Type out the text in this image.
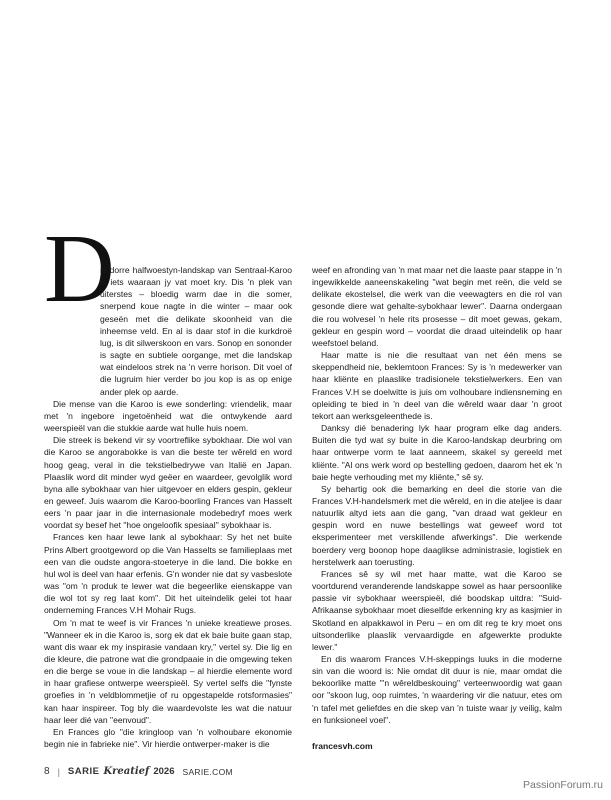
D

ie dorre halfwoestyn-landskap van Sentraal-Karoo is iets waaraan jy vat moet kry. Dis 'n plek van uiterstes – bloedig warm dae in die somer, snerpend koue nagte in die winter – maar ook geseën met die delikate skoonheid van die inheemse veld. En al is daar stof in die kurkdroë lug, is dit silwerskoon en vars. Sonop en sononder is sagte en subtiele oorgange, met die landskap wat eindeloos strek na 'n verre horison. Dit voel of die lugruim hier verder bo jou kop is as op enige ander plek op aarde.

Die mense van die Karoo is ewe sonderling: vriendelik, maar met 'n ingebore ingetoënheid wat die ontwykende aard weerspieël van die stukkie aarde wat hulle huis noem.

Die streek is bekend vir sy voortreflike sybokhaar. Die wol van die Karoo se angorabokke is van die beste ter wêreld en word hoog geag, veral in die tekstielbedrywe van Italië en Japan. Plaaslik word dit minder wyd geëer en waardeer, gevolglik word byna alle sybokhaar van hier uitgevoer en elders gespin, gekleur en geweef. Juis waarom die Karoo-boorling Frances van Hasselt eers 'n paar jaar in die internasionale modebedryf moes werk voordat sy besef het "hoe ongeloofik spesiaal" sybokhaar is.

Frances ken haar lewe lank al sybokhaar: Sy het net buite Prins Albert grootgeword op die Van Hasselts se familieplaas met een van die oudste angora-stoeterye in die land. Die bokke en hul wol is deel van haar erfenis. G'n wonder nie dat sy vasbeslote was "om 'n produk te lewer wat die begeerlike eienskappe van die wol tot sy reg laat kom". Dit het uiteindelik gelei tot haar onderneming Frances V.H Mohair Rugs.

Om 'n mat te weef is vir Frances 'n unieke kreatiewe proses. "Wanneer ek in die Karoo is, sorg ek dat ek baie buite gaan stap, want dis waar ek my inspirasie vandaan kry," vertel sy. Die lig en die kleure, die patrone wat die grondpaaie in die omgewing teken en die berge se voue in die landskap – al hierdie elemente word in haar grafiese ontwerpe weerspieël. Sy vertel selfs die "fynste groefies in 'n veldblommetjie of ru opgestapelde rotsformasies" kan haar inspireer. Tog bly die waardevolste les wat die natuur haar leer dié van "eenvoud".

En Frances glo "die kringloop van 'n volhoubare ekonomie begin nie in fabrieke nie". Vir hierdie ontwerper-maker is die

weef en afronding van 'n mat maar net die laaste paar stappe in 'n ingewikkelde aaneenskakeling "wat begin met reën, die veld se delikate ekostelsel, die werk van die veewagters en die rol van gesonde diere wat gehalte-sybokhaar lewer". Daarna ondergaan die rou wolvesel 'n hele rits prosesse – dit moet gewas, gekam, gekleur en gespin word – voordat die draad uiteindelik op haar weefstoel beland.

Haar matte is nie die resultaat van net één mens se skeppendheid nie, beklemtoon Frances: Sy is 'n medewerker van haar kliënte en plaaslike tradisionele tekstielwerkers. Een van Frances V.H se doelwitte is juis om volhoubare indiensneming en opleiding te bied in 'n deel van die wêreld waar daar 'n groot tekort aan werksgeleenthede is.

Danksy dié benadering lyk haar program elke dag anders. Buiten die tyd wat sy buite in die Karoo-landskap deurbring om haar ontwerpe vorm te laat aanneem, skakel sy gereeld met kliënte. "Al ons werk word op bestelling gedoen, daarom het ek 'n baie hegte verhouding met my kliënte," sê sy.

Sy behartig ook die bemarking en deel die storie van die Frances V.H-handelsmerk met die wêreld, en in die ateljee is daar natuurlik altyd iets aan die gang, "van draad wat gekleur en gespin word en nuwe bestellings wat geweef word tot eksperimenteer met verskillende afwerkings". Die werkende boerdery verg boonop hope daaglikse administrasie, logistiek en herstelwerk aan toerusting.

Frances sê sy wil met haar matte, wat die Karoo se voortdurend veranderende landskappe sowel as haar persoonlike passie vir sybokhaar weerspieël, dié boodskap uitdra: "Suid-Afrikaanse sybokhaar moet dieselfde erkenning kry as kasjmier in Skotland en alpakkawol in Peru – en om dit reg te kry moet ons uitsonderlike plaaslik vervaardigde en afgewerkte produkte lewer."

En dis waarom Frances V.H-skeppings luuks in die moderne sin van die woord is: Nie omdat dit duur is nie, maar omdat die bekoorlike matte "'n wêreldbeskouing" verteenwoordig wat gaan oor "skoon lug, oop ruimtes, 'n waardering vir die natuur, etes om 'n tafel met geliefdes en die skep van 'n tuiste waar jy veilig, kalm en funksioneel voel".

francesvh.com

8 | SARIE Kreatief 2026 SARIE.COM
PassionForum.ru
